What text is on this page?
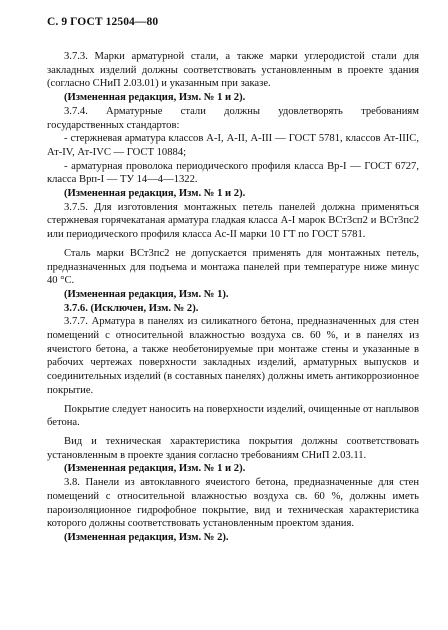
С. 9 ГОСТ 12504—80

3.7.3. Марки арматурной стали, а также марки углеродистой стали для закладных изделий должны соответствовать установленным в проекте здания (согласно СНиП 2.03.01) и указанным при заказе.

(Измененная редакция, Изм. № 1 и 2).

3.7.4. Арматурные стали должны удовлетворять требованиям государственных стандартов:

- стержневая арматура классов А-I, А-II, А-III — ГОСТ 5781, классов Ат-IIIC, Ат-IV, Ат-IVC — ГОСТ 10884;

- арматурная проволока периодического профиля класса Вр-I — ГОСТ 6727, класса Врп-I — ТУ 14—4—1322.

(Измененная редакция, Изм. № 1 и 2).

3.7.5. Для изготовления монтажных петель панелей должна применяться стержневая горячекатаная арматура гладкая класса А-I марок ВСт3сп2 и ВСт3пс2 или периодического профиля класса Ас-II марки 10 ГТ по ГОСТ 5781.

Сталь марки ВСт3пс2 не допускается применять для монтажных петель, предназначенных для подъема и монтажа панелей при температуре ниже минус 40 °С.

(Измененная редакция, Изм. № 1).

3.7.6. (Исключен, Изм. № 2).

3.7.7. Арматура в панелях из силикатного бетона, предназначенных для стен помещений с относительной влажностью воздуха св. 60 %, и в панелях из ячеистого бетона, а также необетонируемые при монтаже стены и указанные в рабочих чертежах поверхности закладных изделий, арматурных выпусков и соединительных изделий (в составных панелях) должны иметь антикоррозионное покрытие.

Покрытие следует наносить на поверхности изделий, очищенные от наплывов бетона.

Вид и техническая характеристика покрытия должны соответствовать установленным в проекте здания согласно требованиям СНиП 2.03.11.

(Измененная редакция, Изм. № 1 и 2).

3.8. Панели из автоклавного ячеистого бетона, предназначенные для стен помещений с относительной влажностью воздуха св. 60 %, должны иметь пароизоляционное гидрофобное покрытие, вид и техническая характеристика которого должны соответствовать установленным проектом здания.

(Измененная редакция, Изм. № 2).
